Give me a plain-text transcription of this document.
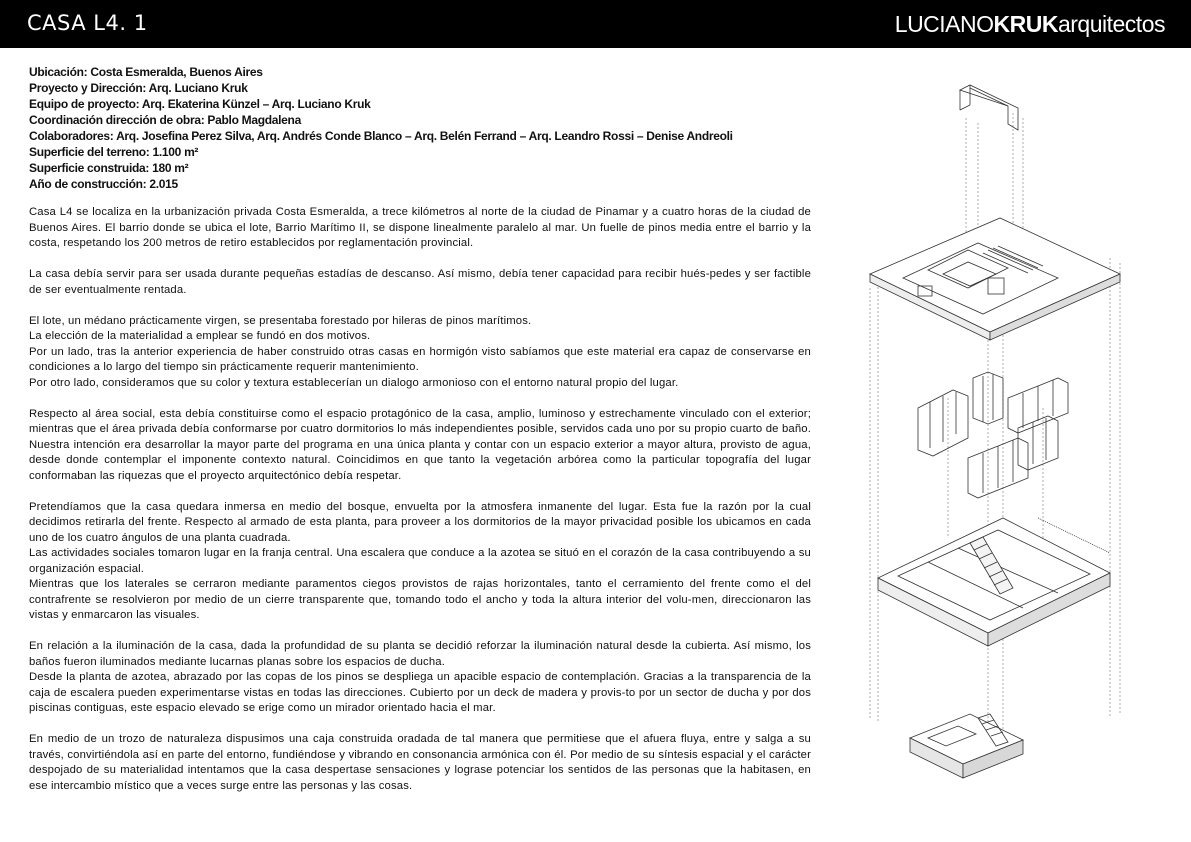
CASA L4. 1	LUCIANOKRUKarquitectos
Ubicación: Costa Esmeralda, Buenos Aires
Proyecto y Dirección: Arq. Luciano Kruk
Equipo de proyecto: Arq. Ekaterina Künzel – Arq. Luciano Kruk
Coordinación dirección de obra: Pablo Magdalena
Colaboradores: Arq. Josefina Perez Silva, Arq. Andrés Conde Blanco – Arq. Belén Ferrand – Arq. Leandro Rossi – Denise Andreoli
Superficie del terreno: 1.100 m²
Superficie construida: 180 m²
Año de construcción: 2.015

Casa L4 se localiza en la urbanización privada Costa Esmeralda, a trece kilómetros al norte de la ciudad de Pinamar y a cuatro horas de la ciudad de Buenos Aires. El barrio donde se ubica el lote, Barrio Marítimo II, se dispone linealmente paralelo al mar. Un fuelle de pinos media entre el barrio y la costa, respetando los 200 metros de retiro establecidos por reglamentación provincial.

La casa debía servir para ser usada durante pequeñas estadías de descanso. Así mismo, debía tener capacidad para recibir hués-pedes y ser factible de ser eventualmente rentada.

El lote, un médano prácticamente virgen, se presentaba forestado por hileras de pinos marítimos.
La elección de la materialidad a emplear se fundó en dos motivos.
Por un lado, tras la anterior experiencia de haber construido otras casas en hormigón visto sabíamos que este material era capaz de conservarse en condiciones a lo largo del tiempo sin prácticamente requerir mantenimiento.
Por otro lado, consideramos que su color y textura establecerían un dialogo armonioso con el entorno natural propio del lugar.

Respecto al área social, esta debía constituirse como el espacio protagónico de la casa, amplio, luminoso y estrechamente vinculado con el exterior; mientras que el área privada debía conformarse por cuatro dormitorios lo más independientes posible, servidos cada uno por su propio cuarto de baño. Nuestra intención era desarrollar la mayor parte del programa en una única planta y contar con un espacio exterior a mayor altura, provisto de agua, desde donde contemplar el imponente contexto natural. Coincidimos en que tanto la vegetación arbórea como la particular topografía del lugar conformaban las riquezas que el proyecto arquitectónico debía respetar.

Pretendíamos que la casa quedara inmersa en medio del bosque, envuelta por la atmosfera inmanente del lugar. Esta fue la razón por la cual decidimos retirarla del frente. Respecto al armado de esta planta, para proveer a los dormitorios de la mayor privacidad posible los ubicamos en cada uno de los cuatro ángulos de una planta cuadrada.
Las actividades sociales tomaron lugar en la franja central. Una escalera que conduce a la azotea se situó en el corazón de la casa contribuyendo a su organización espacial.
Mientras que los laterales se cerraron mediante paramentos ciegos provistos de rajas horizontales, tanto el cerramiento del frente como el del contrafrente se resolvieron por medio de un cierre transparente que, tomando todo el ancho y toda la altura interior del volu-men, direccionaron las vistas y enmarcaron las visuales.

En relación a la iluminación de la casa, dada la profundidad de su planta se decidió reforzar la iluminación natural desde la cubierta. Así mismo, los baños fueron iluminados mediante lucarnas planas sobre los espacios de ducha.
Desde la planta de azotea, abrazado por las copas de los pinos se despliega un apacible espacio de contemplación. Gracias a la transparencia de la caja de escalera pueden experimentarse vistas en todas las direcciones. Cubierto por un deck de madera y provis-to por un sector de ducha y por dos piscinas contiguas, este espacio elevado se erige como un mirador orientado hacia el mar.

En medio de un trozo de naturaleza dispusimos una caja construida oradada de tal manera que permitiese que el afuera fluya, entre y salga a su través, convirtiéndola así en parte del entorno, fundiéndose y vibrando en consonancia armónica con él. Por medio de su síntesis espacial y el carácter despojado de su materialidad intentamos que la casa despertase sensaciones y lograse potenciar los sentidos de las personas que la habitasen, en ese intercambio místico que a veces surge entre las personas y las cosas.
